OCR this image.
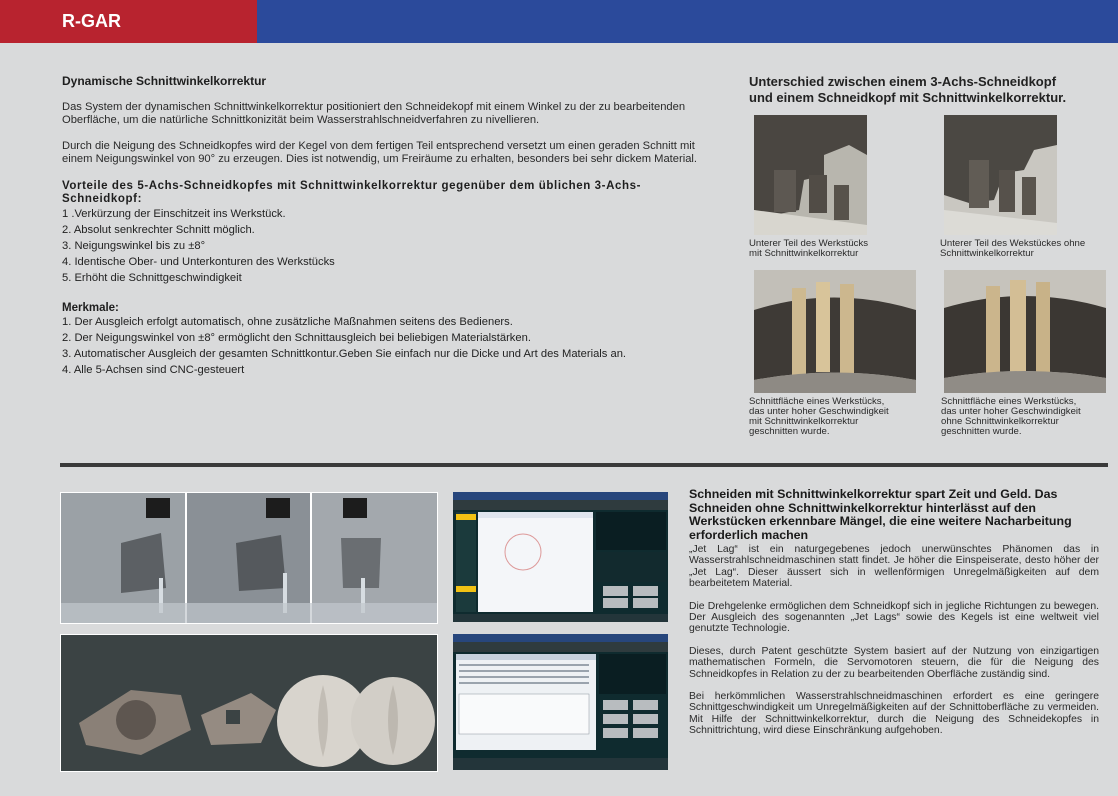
R-GAR
Dynamische Schnittwinkelkorrektur

Das System der dynamischen Schnittwinkelkorrektur positioniert den Schneidekopf mit einem Winkel zu der zu bearbeitenden Oberfläche, um die natürliche Schnittkonizität beim Wasserstrahlschneidverfahren zu nivellieren.

Durch die Neigung des Schneidkopfes wird der Kegel von dem fertigen Teil entsprechend versetzt um einen geraden Schnitt mit einem Neigungswinkel von 90° zu erzeugen. Dies ist notwendig, um Freiräume zu erhalten, besonders bei sehr dickem Material.

Vorteile des 5-Achs-Schneidkopfes mit Schnittwinkelkorrektur gegenüber dem üblichen 3-Achs-Schneidkopf:
1 .Verkürzung der Einschitzeit ins Werkstück.
2. Absolut senkrechter Schnitt möglich.
3. Neigungswinkel bis zu ±8°
4. Identische Ober- und Unterkonturen des Werkstücks
5. Erhöht die Schnittgeschwindigkeit
Merkmale:
1. Der Ausgleich erfolgt automatisch, ohne zusätzliche Maßnahmen seitens des Bedieners.
2. Der Neigungswinkel von ±8° ermöglicht den Schnittausgleich bei beliebigen Materialstärken.
3. Automatischer Ausgleich der gesamten Schnittkontur.Geben Sie einfach nur die Dicke und Art des Materials an.
4. Alle 5-Achsen sind CNC-gesteuert
Unterschied zwischen einem 3-Achs-Schneidkopf
und einem Schneidkopf mit Schnittwinkelkorrektur.
Unterer Teil des Werkstücks
mit Schnittwinkelkorrektur
Unterer Teil des Wekstückes ohne
Schnittwinkelkorrektur
Schnittfläche eines Werkstücks,
das unter hoher Geschwindigkeit
mit Schnittwinkelkorrektur
geschnitten wurde.
Schnittfläche eines Werkstücks,
das unter hoher Geschwindigkeit
ohne Schnittwinkelkorrektur
geschnitten wurde.
Schneiden mit Schnittwinkelkorrektur spart Zeit und Geld. Das Schneiden ohne Schnittwinkelkorrektur hinterlässt auf den Werkstücken erkennbare Mängel, die eine weitere Nacharbeitung erforderlich machen

„Jet Lag“ ist ein naturgegebenes jedoch unerwünschtes Phänomen das in Wasserstrahlschneidmaschinen statt findet. Je höher die Einspeiserate, desto höher der „Jet Lag“. Dieser äussert sich in wellenförmigen Unregelmäßigkeiten auf dem bearbeitetem Material.

Die Drehgelenke ermöglichen dem Schneidkopf sich in jegliche Richtungen zu bewegen. Der Ausgleich des sogenannten „Jet Lags“ sowie des Kegels ist eine weltweit viel genutzte Technologie.

Dieses, durch Patent geschützte System basiert auf der Nutzung von einzigartigen mathematischen Formeln, die Servomotoren steuern, die für die Neigung des Schneidkopfes in Relation zu der zu bearbeitenden Oberfläche zuständig sind.

Bei herkömmlichen Wasserstrahlschneidmaschinen erfordert es eine geringere Schnittgeschwindigkeit um Unregelmäßigkeiten auf der Schnittoberfläche zu vermeiden. Mit Hilfe der Schnittwinkelkorrektur, durch die Neigung des Schneidekopfes in Schnittrichtung, wird diese Einschränkung aufgehoben.
